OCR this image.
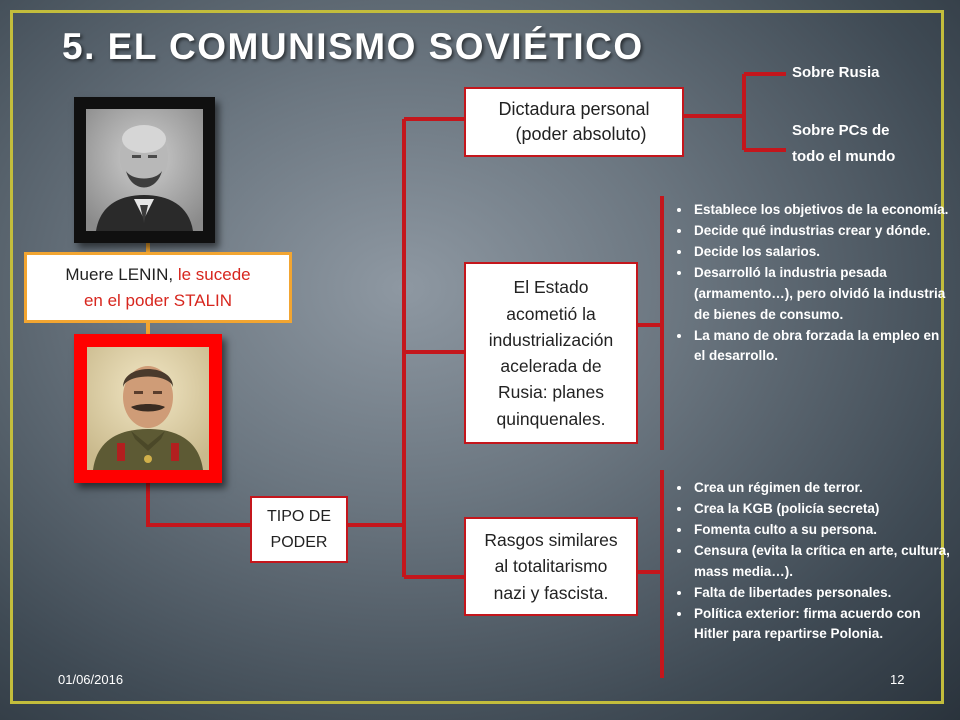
5. EL COMUNISMO SOVIÉTICO
Muere LENIN, le sucede
en el poder STALIN
TIPO DE
PODER
Dictadura personal
(poder absoluto)
Sobre Rusia
Sobre PCs de
todo el mundo
El Estado
acometió la
industrialización
acelerada de
Rusia: planes
quinquenales.
• Establece los objetivos de la economía.
• Decide qué industrias crear y dónde.
• Decide los salarios.
• Desarrolló la industria pesada (armamento…), pero olvidó la industria de bienes de consumo.
• La mano de obra forzada la empleo en el desarrollo.
Rasgos similares
al totalitarismo
nazi y fascista.
• Crea un régimen de terror.
• Crea la KGB (policía secreta)
• Fomenta culto a su persona.
• Censura (evita la crítica en arte, cultura, mass media…).
• Falta de libertades personales.
• Política exterior: firma acuerdo con Hitler para repartirse Polonia.
01/06/2016	12
